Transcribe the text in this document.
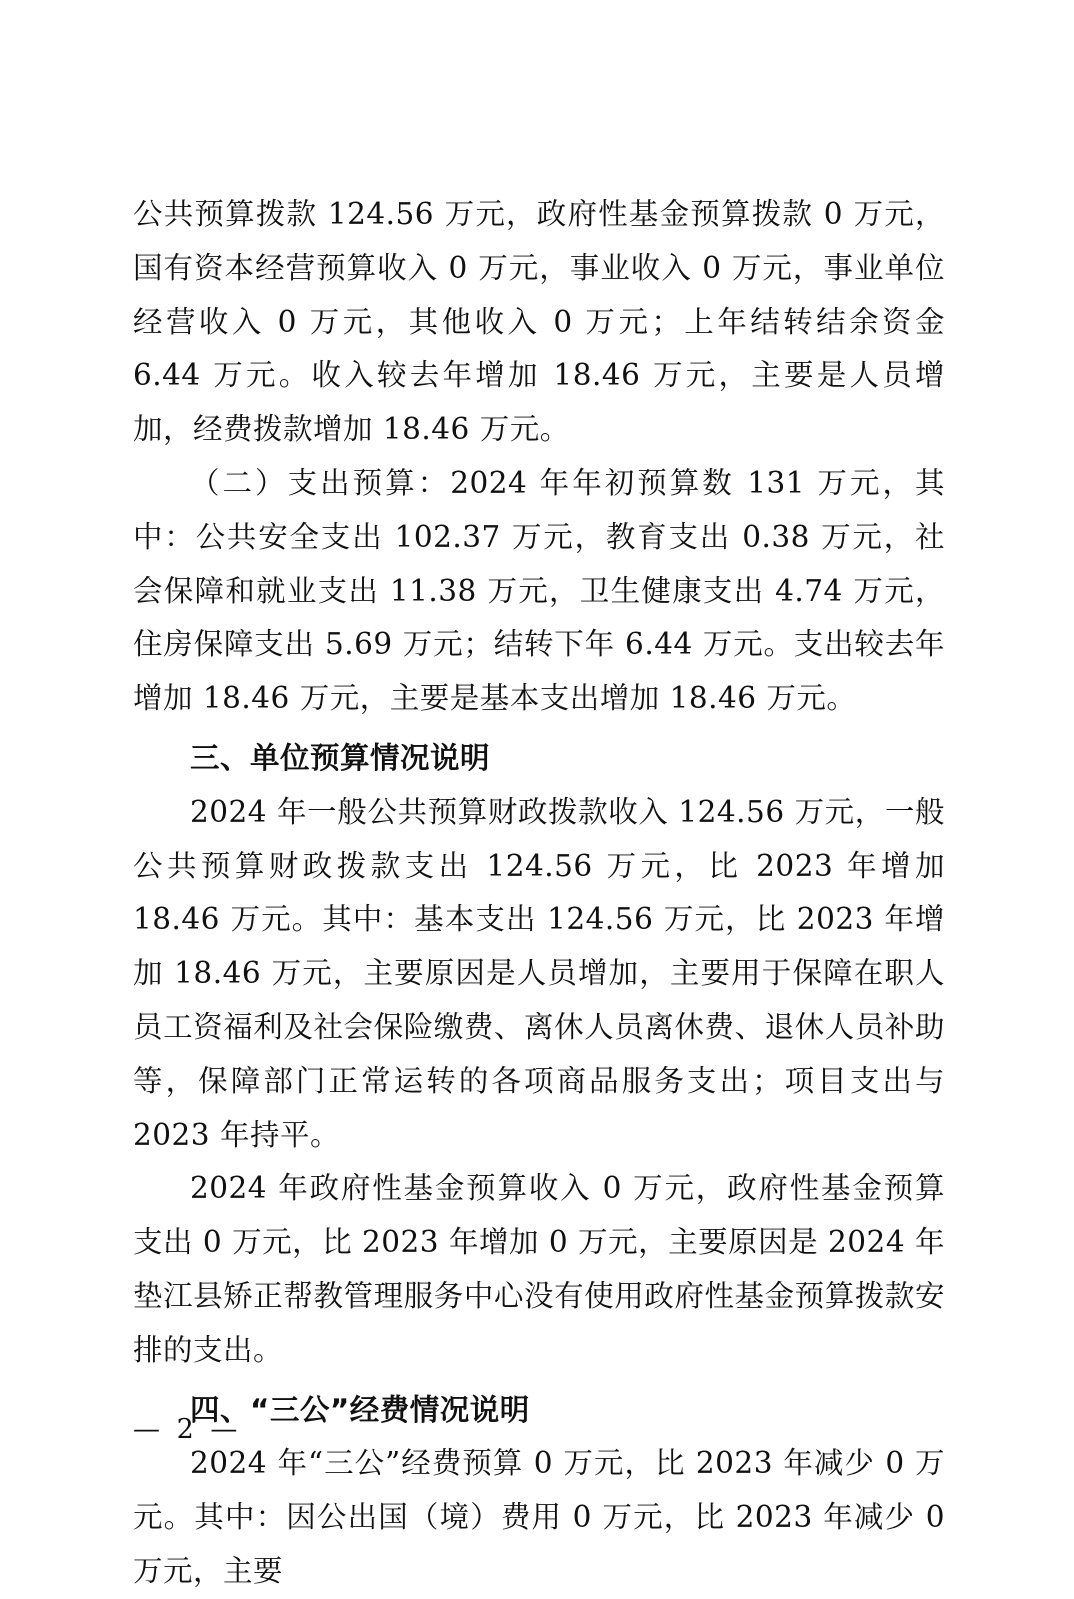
公共预算拨款 124.56 万元，政府性基金预算拨款 0 万元，国有资本经营预算收入 0 万元，事业收入 0 万元，事业单位经营收入 0 万元，其他收入 0 万元；上年结转结余资金 6.44 万元。收入较去年增加 18.46 万元，主要是人员增加，经费拨款增加 18.46 万元。

（二）支出预算：2024 年年初预算数 131 万元，其中：公共安全支出 102.37 万元，教育支出 0.38 万元，社会保障和就业支出 11.38 万元，卫生健康支出 4.74 万元，住房保障支出 5.69 万元；结转下年 6.44 万元。支出较去年增加 18.46 万元，主要是基本支出增加 18.46 万元。

三、单位预算情况说明

2024 年一般公共预算财政拨款收入 124.56 万元，一般公共预算财政拨款支出 124.56 万元，比 2023 年增加 18.46 万元。其中：基本支出 124.56 万元，比 2023 年增加 18.46 万元，主要原因是人员增加，主要用于保障在职人员工资福利及社会保险缴费、离休人员离休费、退休人员补助等，保障部门正常运转的各项商品服务支出；项目支出与 2023 年持平。

2024 年政府性基金预算收入 0 万元，政府性基金预算支出 0 万元，比 2023 年增加 0 万元，主要原因是 2024 年垫江县矫正帮教管理服务中心没有使用政府性基金预算拨款安排的支出。

四、“三公”经费情况说明

2024 年“三公”经费预算 0 万元，比 2023 年减少 0 万元。其中：因公出国（境）费用 0 万元，比 2023 年减少 0 万元，主要

— 2 —
